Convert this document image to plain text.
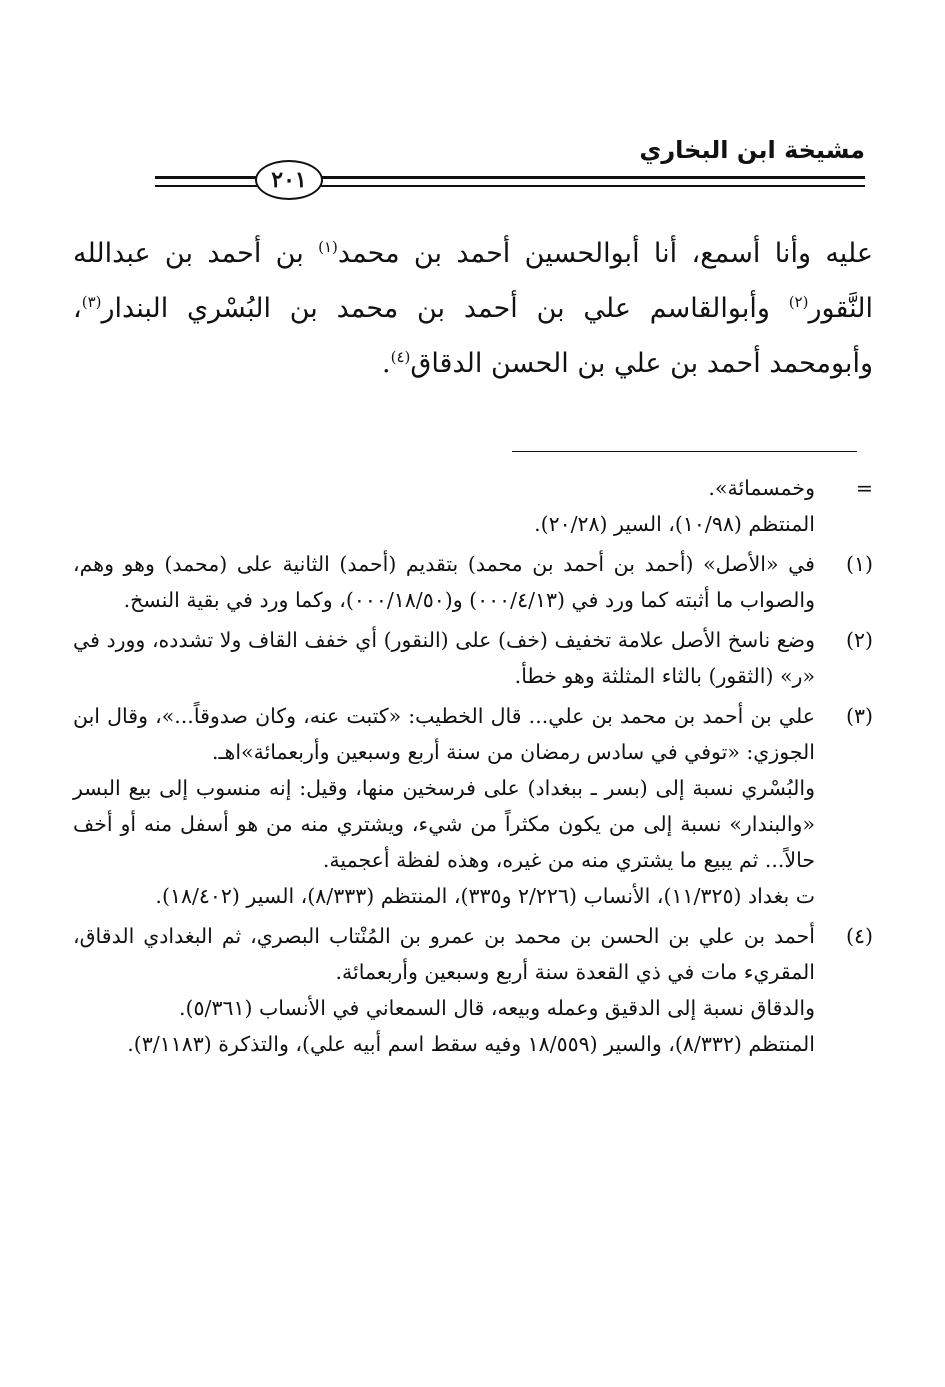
مشيخة ابن البخاري
٢٠١

عليه وأنا أسمع، أنا أبوالحسين أحمد بن محمد$^{(١)}$ بن أحمد بن عبدالله النَّقور$^{(٢)}$ وأبوالقاسم علي بن أحمد بن محمد بن البُسْري البندار$^{(٣)}$، وأبومحمد أحمد بن علي بن الحسن الدقاق$^{(٤)}$.

=

وخمسمائة».

المنتظم (١٠/٩٨)، السير (٢٠/٢٨).

(١)

في «الأصل» (أحمد بن أحمد بن محمد) بتقديم (أحمد) الثانية على (محمد) وهو وهم، والصواب ما أثبته كما ورد في (٠٠٠/٤/١٣) و(٠٠٠/١٨/٥٠)، وكما ورد في بقية النسخ.

(٢)

وضع ناسخ الأصل علامة تخفيف (خف) على (النقور) أي خفف القاف ولا تشدده، وورد في «ر» (الثقور) بالثاء المثلثة وهو خطأ.

(٣)

علي بن أحمد بن محمد بن علي... قال الخطيب: «كتبت عنه، وكان صدوقاً...»، وقال ابن الجوزي: «توفي في سادس رمضان من سنة أربع وسبعين وأربعمائة»اهـ.

والبُسْري نسبة إلى (بسر ـ ببغداد) على فرسخين منها، وقيل: إنه منسوب إلى بيع البسر «والبندار» نسبة إلى من يكون مكثراً من شيء، ويشتري منه من هو أسفل منه أو أخف حالاً... ثم يبيع ما يشتري منه من غيره، وهذه لفظة أعجمية.

ت بغداد (١١/٣٢٥)، الأنساب (٢/٢٢٦ و٣٣٥)، المنتظم (٨/٣٣٣)، السير (١٨/٤٠٢).

(٤)

أحمد بن علي بن الحسن بن محمد بن عمرو بن المُنْتاب البصري، ثم البغدادي الدقاق، المقريء مات في ذي القعدة سنة أربع وسبعين وأربعمائة.

والدقاق نسبة إلى الدقيق وعمله وبيعه، قال السمعاني في الأنساب (٥/٣٦١).

المنتظم (٨/٣٣٢)، والسير (١٨/٥٥٩ وفيه سقط اسم أبيه علي)، والتذكرة (٣/١١٨٣).
